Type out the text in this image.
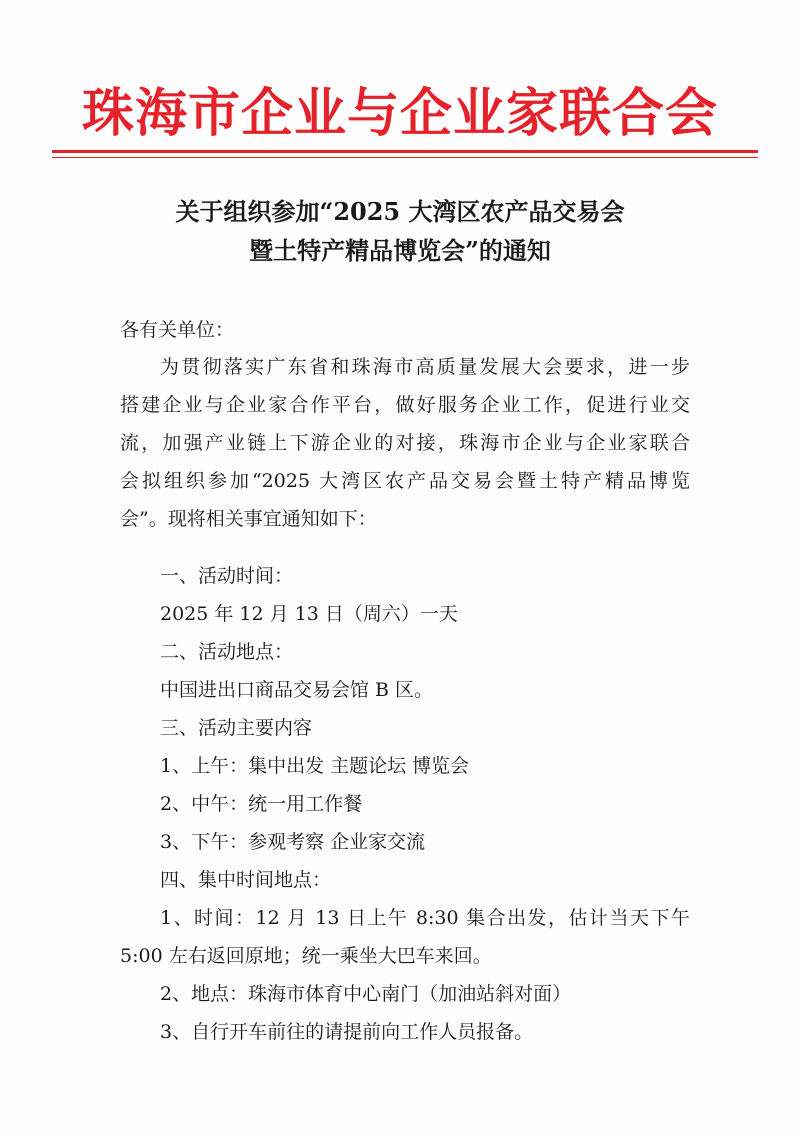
珠海市企业与企业家联合会
关于组织参加“2025 大湾区农产品交易会
暨土特产精品博览会”的通知
各有关单位：
为贯彻落实广东省和珠海市高质量发展大会要求，进一步
搭建企业与企业家合作平台，做好服务企业工作，促进行业交
流，加强产业链上下游企业的对接，珠海市企业与企业家联合
会拟组织参加“2025 大湾区农产品交易会暨土特产精品博览
会”。现将相关事宜通知如下：
一、活动时间：
2025 年 12 月 13 日（周六）一天
二、活动地点：
中国进出口商品交易会馆 B 区。
三、活动主要内容
1、上午：集中出发 主题论坛 博览会
2、中午：统一用工作餐
3、下午：参观考察 企业家交流
四、集中时间地点：
1、时间：12 月 13 日上午 8:30 集合出发，估计当天下午
5:00 左右返回原地；统一乘坐大巴车来回。
2、地点：珠海市体育中心南门（加油站斜对面）
3、自行开车前往的请提前向工作人员报备。
